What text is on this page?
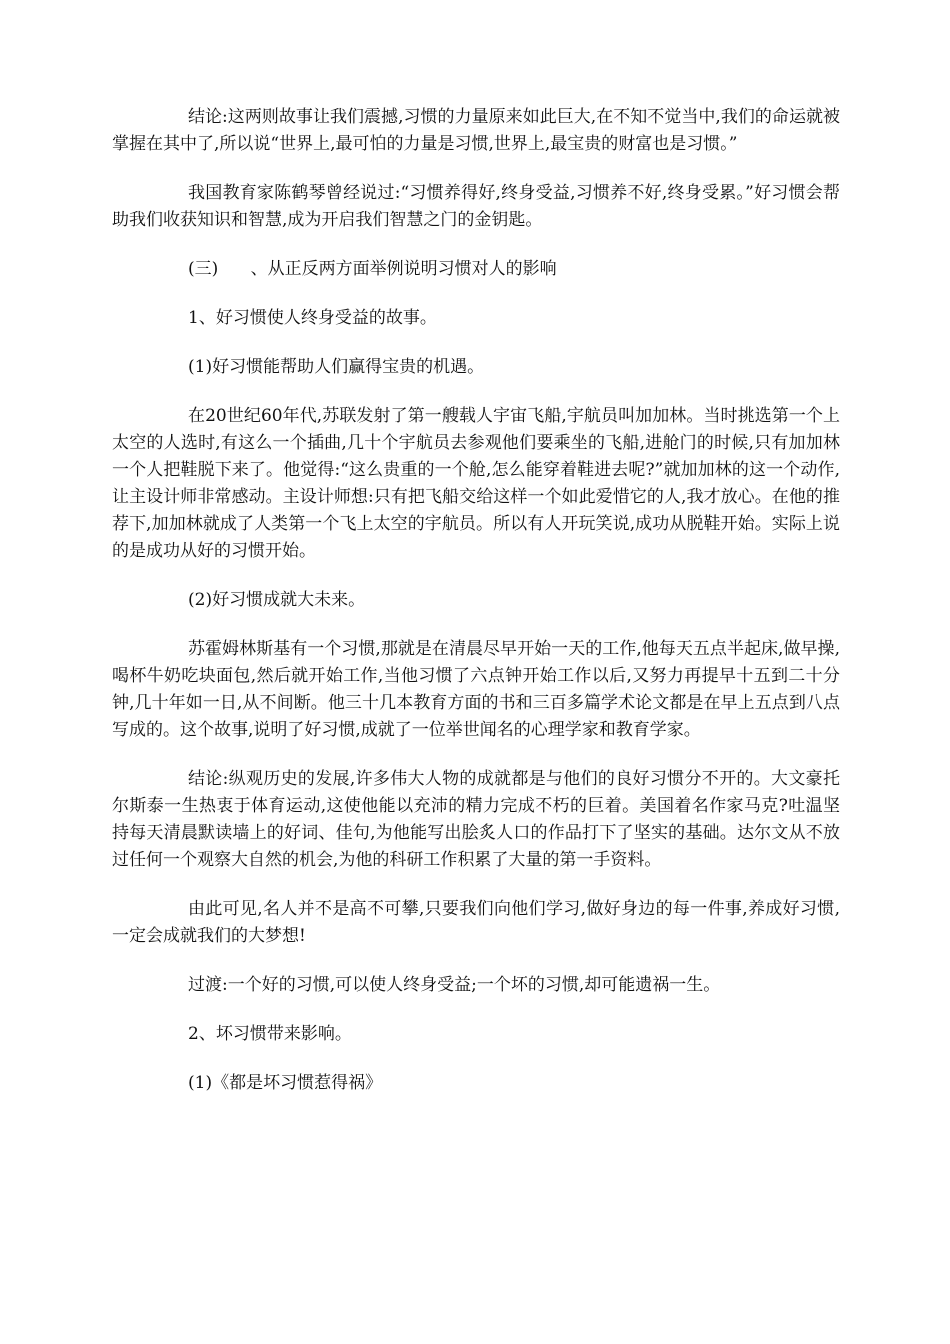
结论:这两则故事让我们震撼,习惯的力量原来如此巨大,在不知不觉当中,我们的命运就被掌握在其中了,所以说“世界上,最可怕的力量是习惯,世界上,最宝贵的财富也是习惯。”

我国教育家陈鹤琴曾经说过:“习惯养得好,终身受益,习惯养不好,终身受累。”好习惯会帮助我们收获知识和智慧,成为开启我们智慧之门的金钥匙。

(三)      、从正反两方面举例说明习惯对人的影响

1、好习惯使人终身受益的故事。

(1)好习惯能帮助人们赢得宝贵的机遇。

在20世纪60年代,苏联发射了第一艘载人宇宙飞船,宇航员叫加加林。当时挑选第一个上太空的人选时,有这么一个插曲,几十个宇航员去参观他们要乘坐的飞船,进舱门的时候,只有加加林一个人把鞋脱下来了。他觉得:“这么贵重的一个舱,怎么能穿着鞋进去呢?”就加加林的这一个动作,让主设计师非常感动。主设计师想:只有把飞船交给这样一个如此爱惜它的人,我才放心。在他的推荐下,加加林就成了人类第一个飞上太空的宇航员。所以有人开玩笑说,成功从脱鞋开始。实际上说的是成功从好的习惯开始。

(2)好习惯成就大未来。

苏霍姆林斯基有一个习惯,那就是在清晨尽早开始一天的工作,他每天五点半起床,做早操,喝杯牛奶吃块面包,然后就开始工作,当他习惯了六点钟开始工作以后,又努力再提早十五到二十分钟,几十年如一日,从不间断。他三十几本教育方面的书和三百多篇学术论文都是在早上五点到八点写成的。这个故事,说明了好习惯,成就了一位举世闻名的心理学家和教育学家。

结论:纵观历史的发展,许多伟大人物的成就都是与他们的良好习惯分不开的。大文豪托尔斯泰一生热衷于体育运动,这使他能以充沛的精力完成不朽的巨着。美国着名作家马克?吐温坚持每天清晨默读墙上的好词、佳句,为他能写出脍炙人口的作品打下了坚实的基础。达尔文从不放过任何一个观察大自然的机会,为他的科研工作积累了大量的第一手资料。

由此可见,名人并不是高不可攀,只要我们向他们学习,做好身边的每一件事,养成好习惯,一定会成就我们的大梦想!

过渡:一个好的习惯,可以使人终身受益;一个坏的习惯,却可能遗祸一生。

2、坏习惯带来影响。

(1)《都是坏习惯惹得祸》
